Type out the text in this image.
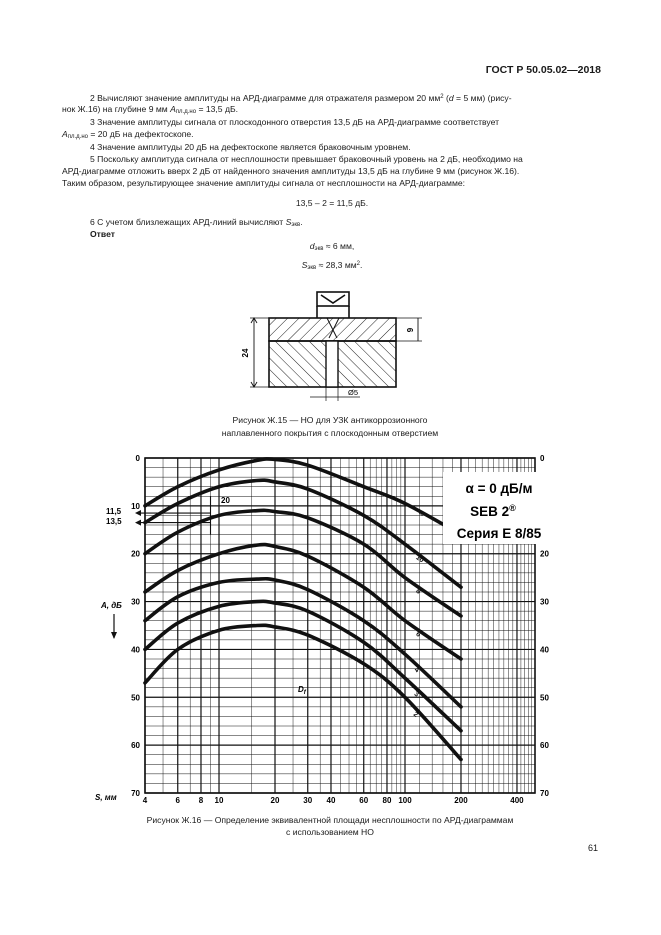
ГОСТ Р 50.05.02—2018

2 Вычисляют значение амплитуды на АРД-диаграмме для отражателя размером 20 $мм^2$ (d = 5 мм) (рису-

нок Ж.16) на глубине 9 мм Aпл.д.но = 13,5 дБ.

3 Значение амплитуды сигнала от плоскодонного отверстия 13,5 дБ на АРД-диаграмме соответствует

Aпл.д.но = 20 дБ на дефектоскопе.

4 Значение амплитуды 20 дБ на дефектоскопе является браковочным уровнем.

5 Поскольку амплитуда сигнала от несплошности превышает браковочный уровень на 2 дБ, необходимо на

АРД-диаграмме отложить вверх 2 дБ от найденного значения амплитуды 13,5 дБ на глубине 9 мм (рисунок Ж.16).

Таким образом, результирующее значение амплитуды сигнала от несплошности на АРД-диаграмме:

13,5 – 2 = 11,5 дБ.

6 С учетом близлежащих АРД-линий вычисляют Sэкв.

Ответ

dэкв ≈ 6 мм,

Sэкв ≈ 28,3 $мм^2$.

24
9
Ø5
Рисунок Ж.15 — НО для УЗК антикоррозионного
наплавленного покрытия с плоскодонным отверстием
0
10
20
30
40
50
60
70
0
20
30
40
50
60
70
4	6 8 10	20	30 40	60 80 100	200	400
∞
10
8
6
4
3
2
α = 0 дБ/м
SEB 2®
Серия E 8/85
A, дБ
S, мм
11,5
13,5
20
$D_f$
Рисунок Ж.16 — Определение эквивалентной площади несплошности по АРД-диаграммам
с использованием НО
61
